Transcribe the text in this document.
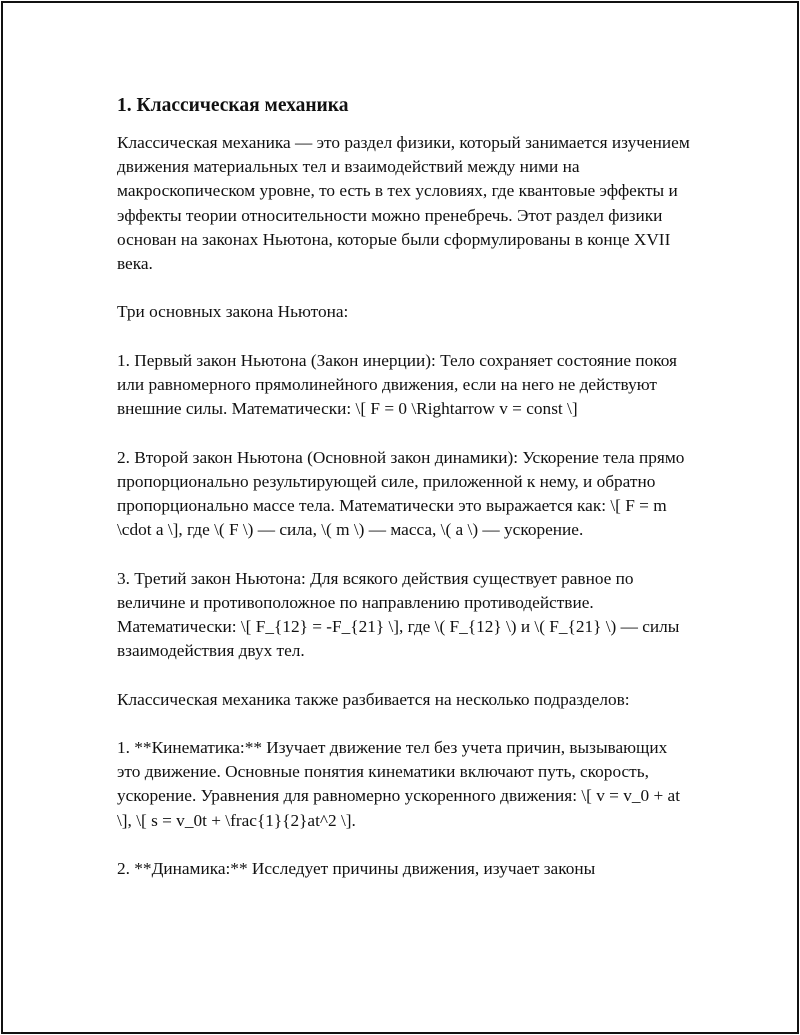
1. Классическая механика

Классическая механика — это раздел физики, который занимается изучением движения материальных тел и взаимодействий между ними на макроскопическом уровне, то есть в тех условиях, где квантовые эффекты и эффекты теории относительности можно пренебречь. Этот раздел физики основан на законах Ньютона, которые были сформулированы в конце XVII века.

Три основных закона Ньютона:

1. Первый закон Ньютона (Закон инерции): Тело сохраняет состояние покоя или равномерного прямолинейного движения, если на него не действуют внешние силы. Математически: \[ F = 0 \Rightarrow v = const \]

2. Второй закон Ньютона (Основной закон динамики): Ускорение тела прямо пропорционально результирующей силе, приложенной к нему, и обратно пропорционально массе тела. Математически это выражается как: \[ F = m \cdot a \], где \( F \) — сила, \( m \) — масса, \( a \) — ускорение.

3. Третий закон Ньютона: Для всякого действия существует равное по величине и противоположное по направлению противодействие. Математически: \[ F_{12} = -F_{21} \], где \( F_{12} \) и \( F_{21} \) — силы взаимодействия двух тел.

Классическая механика также разбивается на несколько подразделов:

1. **Кинематика:** Изучает движение тел без учета причин, вызывающих это движение. Основные понятия кинематики включают путь, скорость, ускорение. Уравнения для равномерно ускоренного движения: \[ v = v_0 + at \], \[ s = v_0t + \frac{1}{2}at^2 \].

2. **Динамика:** Исследует причины движения, изучает законы
